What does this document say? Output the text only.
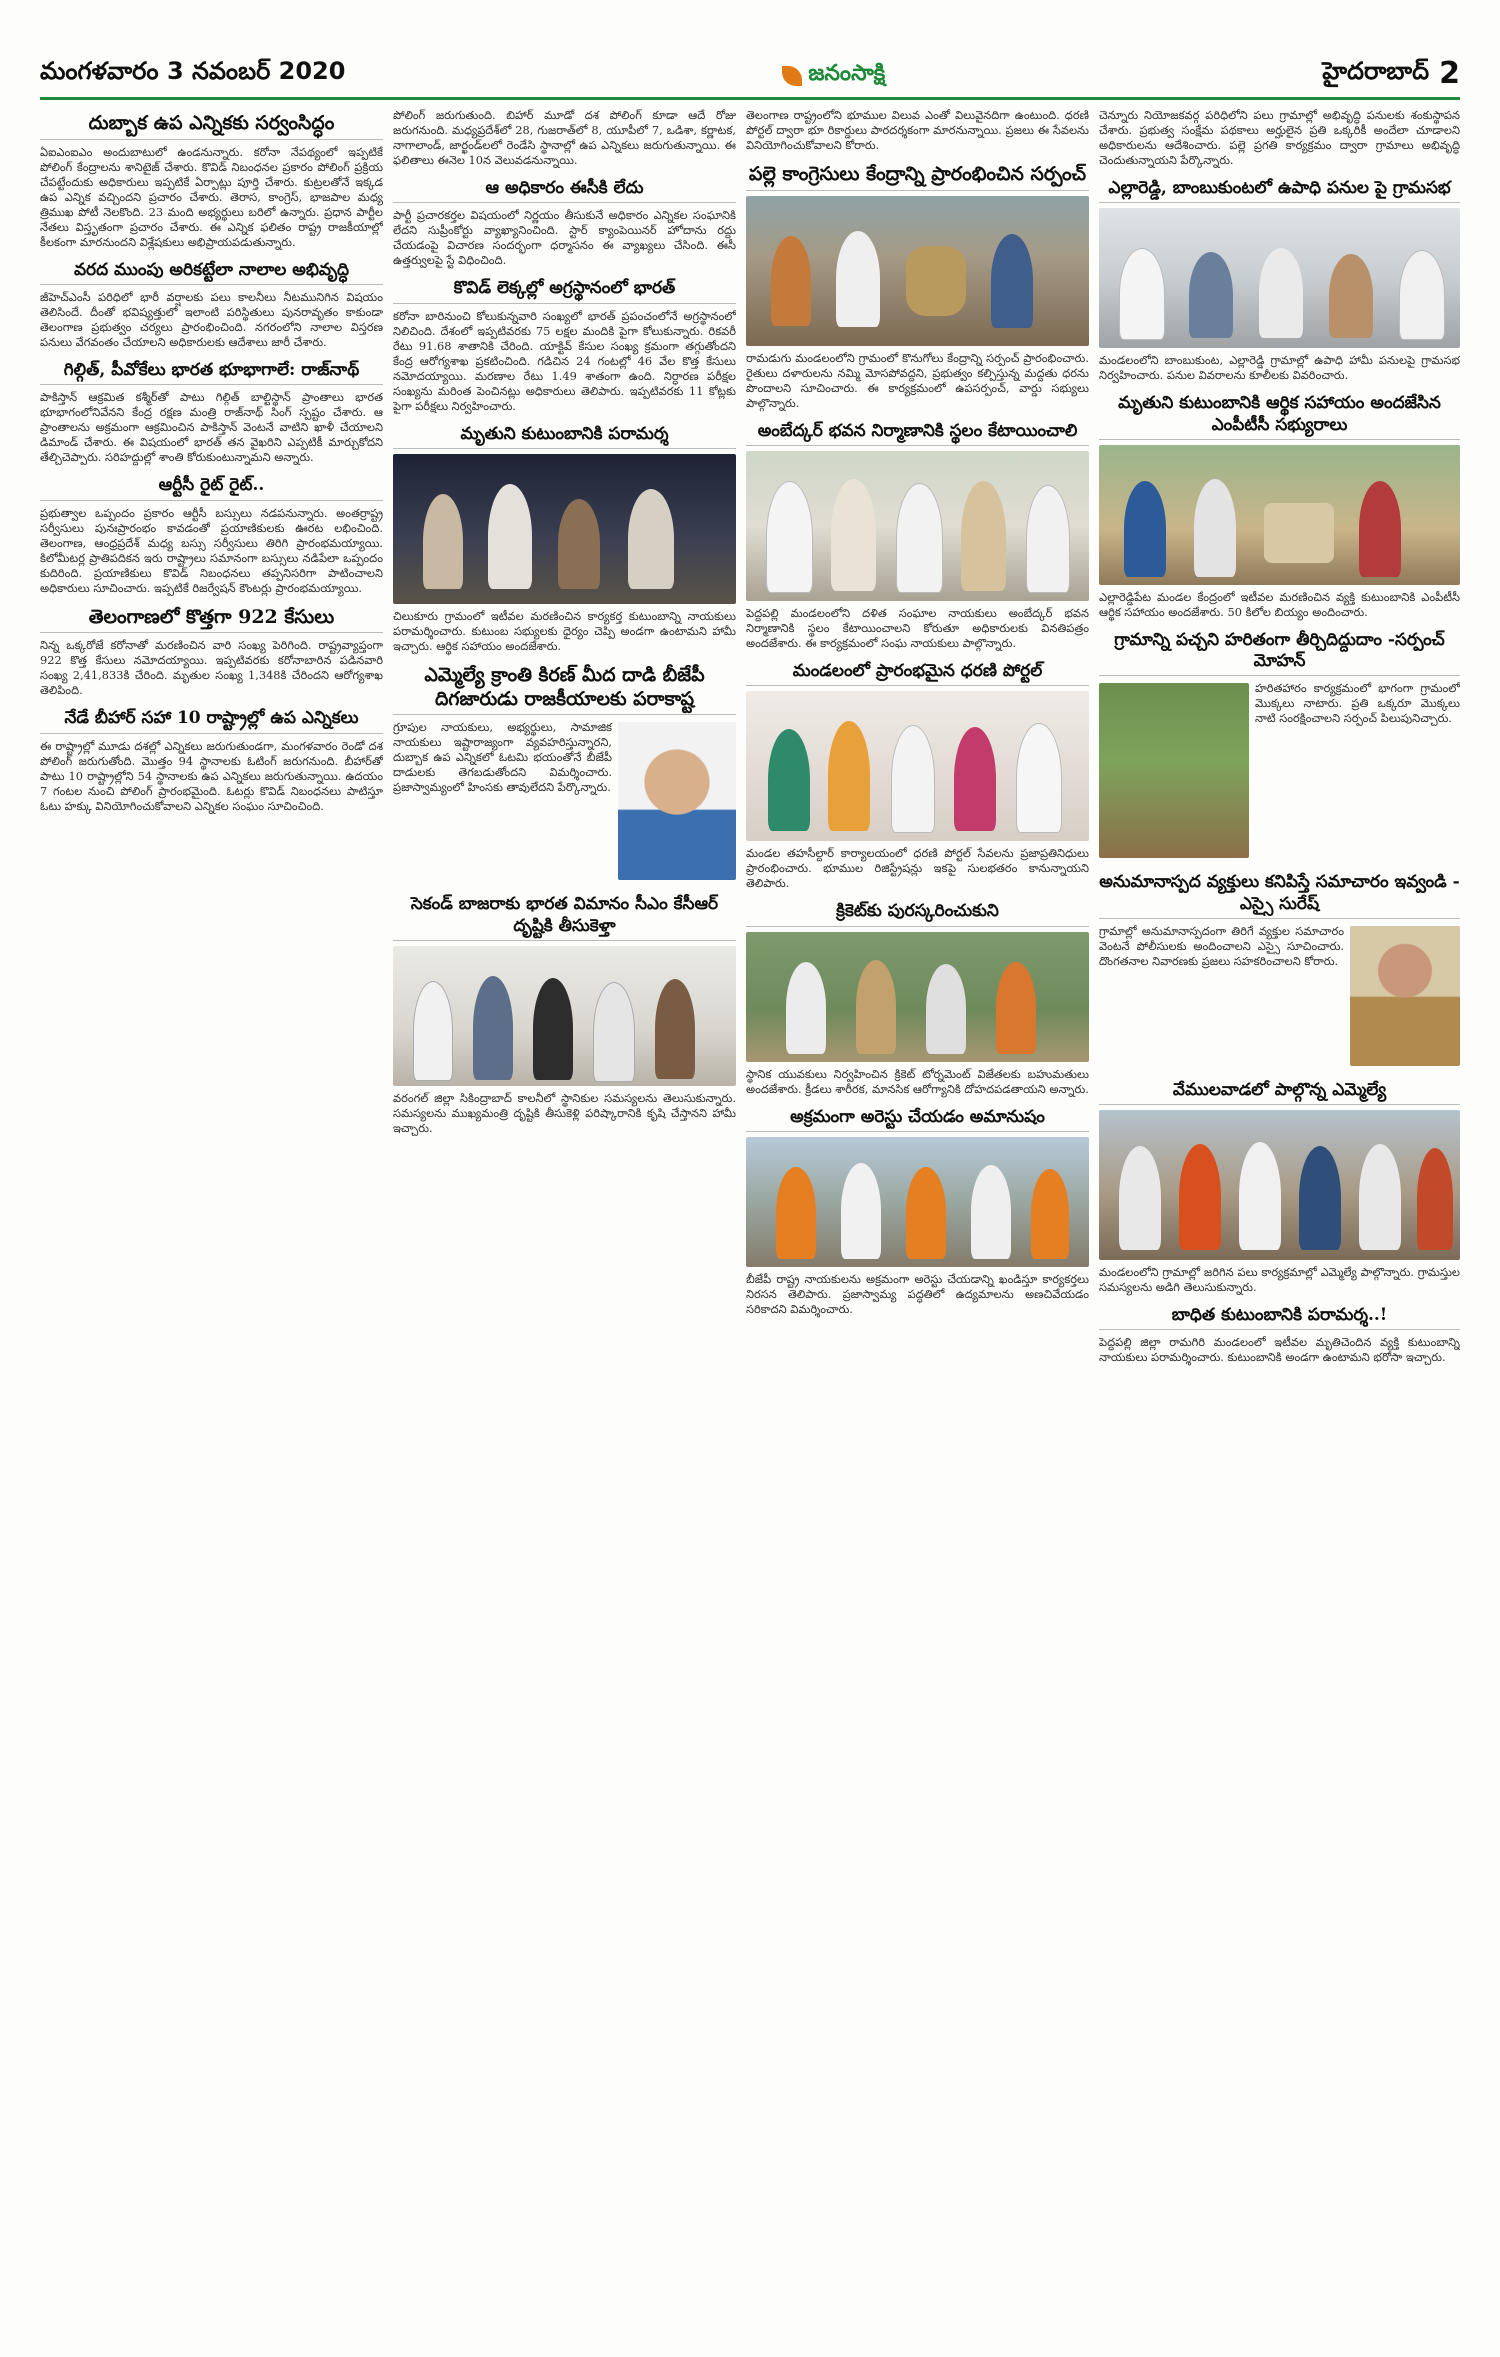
మంగళవారం 3 నవంబర్ 2020	జనంసాక్షి	హైదరాబాద్ 2
దుబ్బాక ఉప ఎన్నికకు సర్వంసిద్ధం
ఏఐఎంఐఎం అందుబాటులో ఉండనున్నారు. కరోనా నేపథ్యంలో ఇప్పటికే పోలింగ్ కేంద్రాలను శానిటైజ్ చేశారు. కొవిడ్ నిబంధనల ప్రకారం పోలింగ్ ప్రక్రియ చేపట్టేందుకు అధికారులు ఇప్పటికే ఏర్పాట్లు పూర్తి చేశారు. కుట్రలతోనే ఇక్కడ ఉప ఎన్నిక వచ్చిందని ప్రచారం చేశారు. తెరాస, కాంగ్రెస్, భాజపాల మధ్య త్రిముఖ పోటీ నెలకొంది. 23 మంది అభ్యర్థులు బరిలో ఉన్నారు. ప్రధాన పార్టీల నేతలు విస్తృతంగా ప్రచారం చేశారు. ఈ ఎన్నిక ఫలితం రాష్ట్ర రాజకీయాల్లో కీలకంగా మారనుందని విశ్లేషకులు అభిప్రాయపడుతున్నారు.
వరద ముంపు అరికట్టేలా నాలాల అభివృద్ధి
జీహెచ్‌ఎంసీ పరిధిలో భారీ వర్షాలకు పలు కాలనీలు నీటమునిగిన విషయం తెలిసిందే. దీంతో భవిష్యత్తులో ఇలాంటి పరిస్థితులు పునరావృతం కాకుండా తెలంగాణ ప్రభుత్వం చర్యలు ప్రారంభించింది. నగరంలోని నాలాల విస్తరణ పనులు వేగవంతం చేయాలని అధికారులకు ఆదేశాలు జారీ చేశారు.
గిల్గిత్, పీవోకేలు భారత భూభాగాలే: రాజ్‌నాథ్
పాకిస్తాన్ ఆక్రమిత కశ్మీర్‌తో పాటు గిల్గిత్ బాల్టిస్థాన్ ప్రాంతాలు భారత భూభాగంలోనివేనని కేంద్ర రక్షణ మంత్రి రాజ్‌నాథ్ సింగ్ స్పష్టం చేశారు. ఆ ప్రాంతాలను అక్రమంగా ఆక్రమించిన పాకిస్తాన్ వెంటనే వాటిని ఖాళీ చేయాలని డిమాండ్ చేశారు. ఈ విషయంలో భారత్ తన వైఖరిని ఎప్పటికీ మార్చుకోదని తేల్చిచెప్పారు. సరిహద్దుల్లో శాంతి కోరుకుంటున్నామని అన్నారు.
ఆర్టీసీ రైట్ రైట్..
ప్రభుత్వాల ఒప్పందం ప్రకారం ఆర్టీసీ బస్సులు నడపనున్నారు. అంతర్రాష్ట్ర సర్వీసులు పునఃప్రారంభం కావడంతో ప్రయాణికులకు ఊరట లభించింది. తెలంగాణ, ఆంధ్రప్రదేశ్ మధ్య బస్సు సర్వీసులు తిరిగి ప్రారంభమయ్యాయి. కిలోమీటర్ల ప్రాతిపదికన ఇరు రాష్ట్రాలు సమానంగా బస్సులు నడిపేలా ఒప్పందం కుదిరింది. ప్రయాణికులు కొవిడ్ నిబంధనలు తప్పనిసరిగా పాటించాలని అధికారులు సూచించారు. ఇప్పటికే రిజర్వేషన్ కౌంటర్లు ప్రారంభమయ్యాయి.
తెలంగాణలో కొత్తగా 922 కేసులు
నిన్న ఒక్కరోజే కరోనాతో మరణించిన వారి సంఖ్య పెరిగింది. రాష్ట్రవ్యాప్తంగా 922 కొత్త కేసులు నమోదయ్యాయి. ఇప్పటివరకు కరోనాబారిన పడినవారి సంఖ్య 2,41,833కి చేరింది. మృతుల సంఖ్య 1,348కి చేరిందని ఆరోగ్యశాఖ తెలిపింది.
నేడే బీహార్ సహా 10 రాష్ట్రాల్లో ఉప ఎన్నికలు
ఈ రాష్ట్రాల్లో మూడు దశల్లో ఎన్నికలు జరుగుతుండగా, మంగళవారం రెండో దశ పోలింగ్ జరుగుతోంది. మొత్తం 94 స్థానాలకు ఓటింగ్ జరుగనుంది. బీహార్‌తో పాటు 10 రాష్ట్రాల్లోని 54 స్థానాలకు ఉప ఎన్నికలు జరుగుతున్నాయి. ఉదయం 7 గంటల నుంచి పోలింగ్ ప్రారంభమైంది. ఓటర్లు కొవిడ్ నిబంధనలు పాటిస్తూ ఓటు హక్కు వినియోగించుకోవాలని ఎన్నికల సంఘం సూచించింది.
పోలింగ్ జరుగుతుంది. బిహార్ మూడో దశ పోలింగ్ కూడా ఆదే రోజు జరుగనుంది. మధ్యప్రదేశ్‌లో 28, గుజరాత్‌లో 8, యూపీలో 7, ఒడిశా, కర్ణాటక, నాగాలాండ్, జార్ఖండ్‌లలో రెండేసి స్థానాల్లో ఉప ఎన్నికలు జరుగుతున్నాయి. ఈ ఫలితాలు ఈనెల 10న వెలువడనున్నాయి.
ఆ అధికారం ఈసీకి లేదు
పార్టీ ప్రచారకర్తల విషయంలో నిర్ణయం తీసుకునే అధికారం ఎన్నికల సంఘానికి లేదని సుప్రీంకోర్టు వ్యాఖ్యానించింది. స్టార్ క్యాంపెయినర్ హోదాను రద్దు చేయడంపై విచారణ సందర్భంగా ధర్మాసనం ఈ వ్యాఖ్యలు చేసింది. ఈసీ ఉత్తర్వులపై స్టే విధించింది.
కొవిడ్ లెక్కల్లో అగ్రస్థానంలో భారత్
కరోనా బారినుంచి కోలుకున్నవారి సంఖ్యలో భారత్ ప్రపంచంలోనే అగ్రస్థానంలో నిలిచింది. దేశంలో ఇప్పటివరకు 75 లక్షల మందికి పైగా కోలుకున్నారు. రికవరీ రేటు 91.68 శాతానికి చేరింది. యాక్టివ్ కేసుల సంఖ్య క్రమంగా తగ్గుతోందని కేంద్ర ఆరోగ్యశాఖ ప్రకటించింది. గడిచిన 24 గంటల్లో 46 వేల కొత్త కేసులు నమోదయ్యాయి. మరణాల రేటు 1.49 శాతంగా ఉంది. నిర్ధారణ పరీక్షల సంఖ్యను మరింత పెంచినట్లు అధికారులు తెలిపారు. ఇప్పటివరకు 11 కోట్లకు పైగా పరీక్షలు నిర్వహించారు.
మృతుని కుటుంబానికి పరామర్శ
చిలుకూరు గ్రామంలో ఇటీవల మరణించిన కార్యకర్త కుటుంబాన్ని నాయకులు పరామర్శించారు. కుటుంబ సభ్యులకు ధైర్యం చెప్పి అండగా ఉంటామని హామీ ఇచ్చారు. ఆర్థిక సహాయం అందజేశారు.
ఎమ్మెల్యే క్రాంతి కిరణ్ మీద దాడి బీజేపీ దిగజారుడు రాజకీయాలకు పరాకాష్ట
గ్రూపుల నాయకులు, అభ్యర్థులు, సామాజిక నాయకులు ఇష్టారాజ్యంగా వ్యవహరిస్తున్నారని, దుబ్బాక ఉప ఎన్నికలో ఓటమి భయంతోనే బీజేపీ దాడులకు తెగబడుతోందని విమర్శించారు. ప్రజాస్వామ్యంలో హింసకు తావులేదని పేర్కొన్నారు.
సెకండ్ బాజరాకు భారత విమానం సీఎం కేసీఆర్ దృష్టికి తీసుకెళ్తా
వరంగల్ జిల్లా సికింద్రాబాద్ కాలనీలో స్థానికుల సమస్యలను తెలుసుకున్నారు. సమస్యలను ముఖ్యమంత్రి దృష్టికి తీసుకెళ్లి పరిష్కారానికి కృషి చేస్తానని హామీ ఇచ్చారు.
తెలంగాణ రాష్ట్రంలోని భూముల విలువ ఎంతో విలువైనదిగా ఉంటుంది. ధరణి పోర్టల్ ద్వారా భూ రికార్డులు పారదర్శకంగా మారనున్నాయి. ప్రజలు ఈ సేవలను వినియోగించుకోవాలని కోరారు.
పల్లె కాంగ్రెసులు కేంద్రాన్ని ప్రారంభించిన సర్పంచ్
రామడుగు మండలంలోని గ్రామంలో కొనుగోలు కేంద్రాన్ని సర్పంచ్ ప్రారంభించారు. రైతులు దళారులను నమ్మి మోసపోవద్దని, ప్రభుత్వం కల్పిస్తున్న మద్దతు ధరను పొందాలని సూచించారు. ఈ కార్యక్రమంలో ఉపసర్పంచ్, వార్డు సభ్యులు పాల్గొన్నారు.
అంబేద్కర్ భవన నిర్మాణానికి స్థలం కేటాయించాలి
పెద్దపల్లి మండలంలోని దళిత సంఘాల నాయకులు అంబేద్కర్ భవన నిర్మాణానికి స్థలం కేటాయించాలని కోరుతూ అధికారులకు వినతిపత్రం అందజేశారు. ఈ కార్యక్రమంలో సంఘ నాయకులు పాల్గొన్నారు.
మండలంలో ప్రారంభమైన ధరణి పోర్టల్
మండల తహసీల్దార్ కార్యాలయంలో ధరణి పోర్టల్ సేవలను ప్రజాప్రతినిధులు ప్రారంభించారు. భూముల రిజిస్ట్రేషన్లు ఇకపై సులభతరం కానున్నాయని తెలిపారు.
క్రికెట్‌కు పురస్కరించుకుని
స్థానిక యువకులు నిర్వహించిన క్రికెట్ టోర్నమెంట్ విజేతలకు బహుమతులు అందజేశారు. క్రీడలు శారీరక, మానసిక ఆరోగ్యానికి దోహదపడతాయని అన్నారు.
అక్రమంగా అరెస్టు చేయడం అమానుషం
బీజేపీ రాష్ట్ర నాయకులను అక్రమంగా అరెస్టు చేయడాన్ని ఖండిస్తూ కార్యకర్తలు నిరసన తెలిపారు. ప్రజాస్వామ్య పద్ధతిలో ఉద్యమాలను అణచివేయడం సరికాదని విమర్శించారు.
చెన్నూరు నియోజకవర్గ పరిధిలోని పలు గ్రామాల్లో అభివృద్ధి పనులకు శంకుస్థాపన చేశారు. ప్రభుత్వ సంక్షేమ పథకాలు అర్హులైన ప్రతి ఒక్కరికీ అందేలా చూడాలని అధికారులను ఆదేశించారు. పల్లె ప్రగతి కార్యక్రమం ద్వారా గ్రామాలు అభివృద్ధి చెందుతున్నాయని పేర్కొన్నారు.
ఎల్లారెడ్డి, బాంబుకుంటలో ఉపాధి పనుల పై గ్రామసభ
మండలంలోని బాంబుకుంట, ఎల్లారెడ్డి గ్రామాల్లో ఉపాధి హామీ పనులపై గ్రామసభ నిర్వహించారు. పనుల వివరాలను కూలీలకు వివరించారు.
మృతుని కుటుంబానికి ఆర్థిక సహాయం అందజేసిన ఎంపీటీసీ సభ్యురాలు
ఎల్లారెడ్డిపేట మండల కేంద్రంలో ఇటీవల మరణించిన వ్యక్తి కుటుంబానికి ఎంపీటీసీ ఆర్థిక సహాయం అందజేశారు. 50 కిలోల బియ్యం అందించారు.
గ్రామాన్ని పచ్చని హరితంగా తీర్చిదిద్దుదాం -సర్పంచ్ మోహన్
హరితహారం కార్యక్రమంలో భాగంగా గ్రామంలో మొక్కలు నాటారు. ప్రతి ఒక్కరూ మొక్కలు నాటి సంరక్షించాలని సర్పంచ్ పిలుపునిచ్చారు.
అనుమానాస్పద వ్యక్తులు కనిపిస్తే సమాచారం ఇవ్వండి - ఎస్సై సురేష్
గ్రామాల్లో అనుమానాస్పదంగా తిరిగే వ్యక్తుల సమాచారం వెంటనే పోలీసులకు అందించాలని ఎస్సై సూచించారు. దొంగతనాల నివారణకు ప్రజలు సహకరించాలని కోరారు.
వేములవాడలో పాల్గొన్న ఎమ్మెల్యే
మండలంలోని గ్రామాల్లో జరిగిన పలు కార్యక్రమాల్లో ఎమ్మెల్యే పాల్గొన్నారు. గ్రామస్తుల సమస్యలను అడిగి తెలుసుకున్నారు.
బాధిత కుటుంబానికి పరామర్శ..!
పెద్దపల్లి జిల్లా రామగిరి మండలంలో ఇటీవల మృతిచెందిన వ్యక్తి కుటుంబాన్ని నాయకులు పరామర్శించారు. కుటుంబానికి అండగా ఉంటామని భరోసా ఇచ్చారు.
